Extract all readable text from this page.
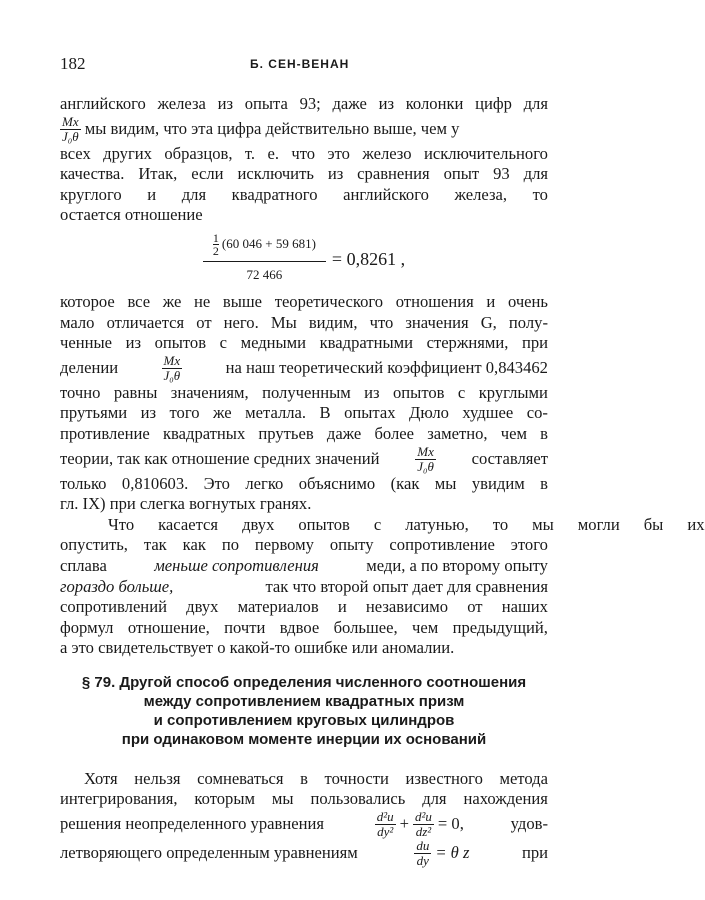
182	Б. СЕН-ВЕНАН
английского железа из опыта 93; даже из колонки цифр для
$\frac{Mx}{\text{J₀θ}}$ мы видим, что эта цифра действительно выше, чем у
всех других образцов, т. е. что это железо исключительного
качества. Итак, если исключить из сравнения опыт 93 для
круглого и для квадратного английского железа, то
остается отношение
1
2 (60 046 + 59 681)
72 466 = 0,8261 ,
которое все же не выше теоретического отношения и очень
мало отличается от него. Мы видим, что значения G, полу-
ченные из опытов с медными квадратными стержнями, при
делении	$\frac{Mx}{\text{J₀θ}}$	на наш теоретический коэффициент 0,843462
точно равны значениям, полученным из опытов с круглыми
прутьями из того же металла. В опытах Дюло худшее со-
противление квадратных прутьев даже более заметно, чем в
теории, так как отношение средних значений	$\frac{Mx}{\text{J₀θ}}$ составляет
только 0,810603. Это легко объяснимо (как мы увидим в
гл. IX) при слегка вогнутых гранях.
Что	касается	двух	опытов	с	латунью,	то	мы	могли	бы	их
опустить, так как по первому опыту сопротивление этого
сплава	меньше сопротивления	меди, а по второму опыту
гораздо больше,	так что второй опыт дает для сравнения
сопротивлений двух материалов и независимо от наших
формул отношение, почти вдвое большее, чем предыдущий,
а это свидетельствует о какой-то ошибке или аномалии.
§ 79. Другой способ определения численного соотношения
между сопротивлением квадратных призм
и сопротивлением круговых цилиндров
при одинаковом моменте инерции их оснований
Хотя нельзя сомневаться в точности известного метода
интегрирования, которым мы пользовались для нахождения
решения неопределенного уравнения	$\frac{\text{d²u}}{\text{dy²}} + \frac{\text{d²u}}{\text{dz²}} = 0$,	удов-
летворяющего определенным уравнениям	$\frac{du}{dy} = \theta$ z	при
